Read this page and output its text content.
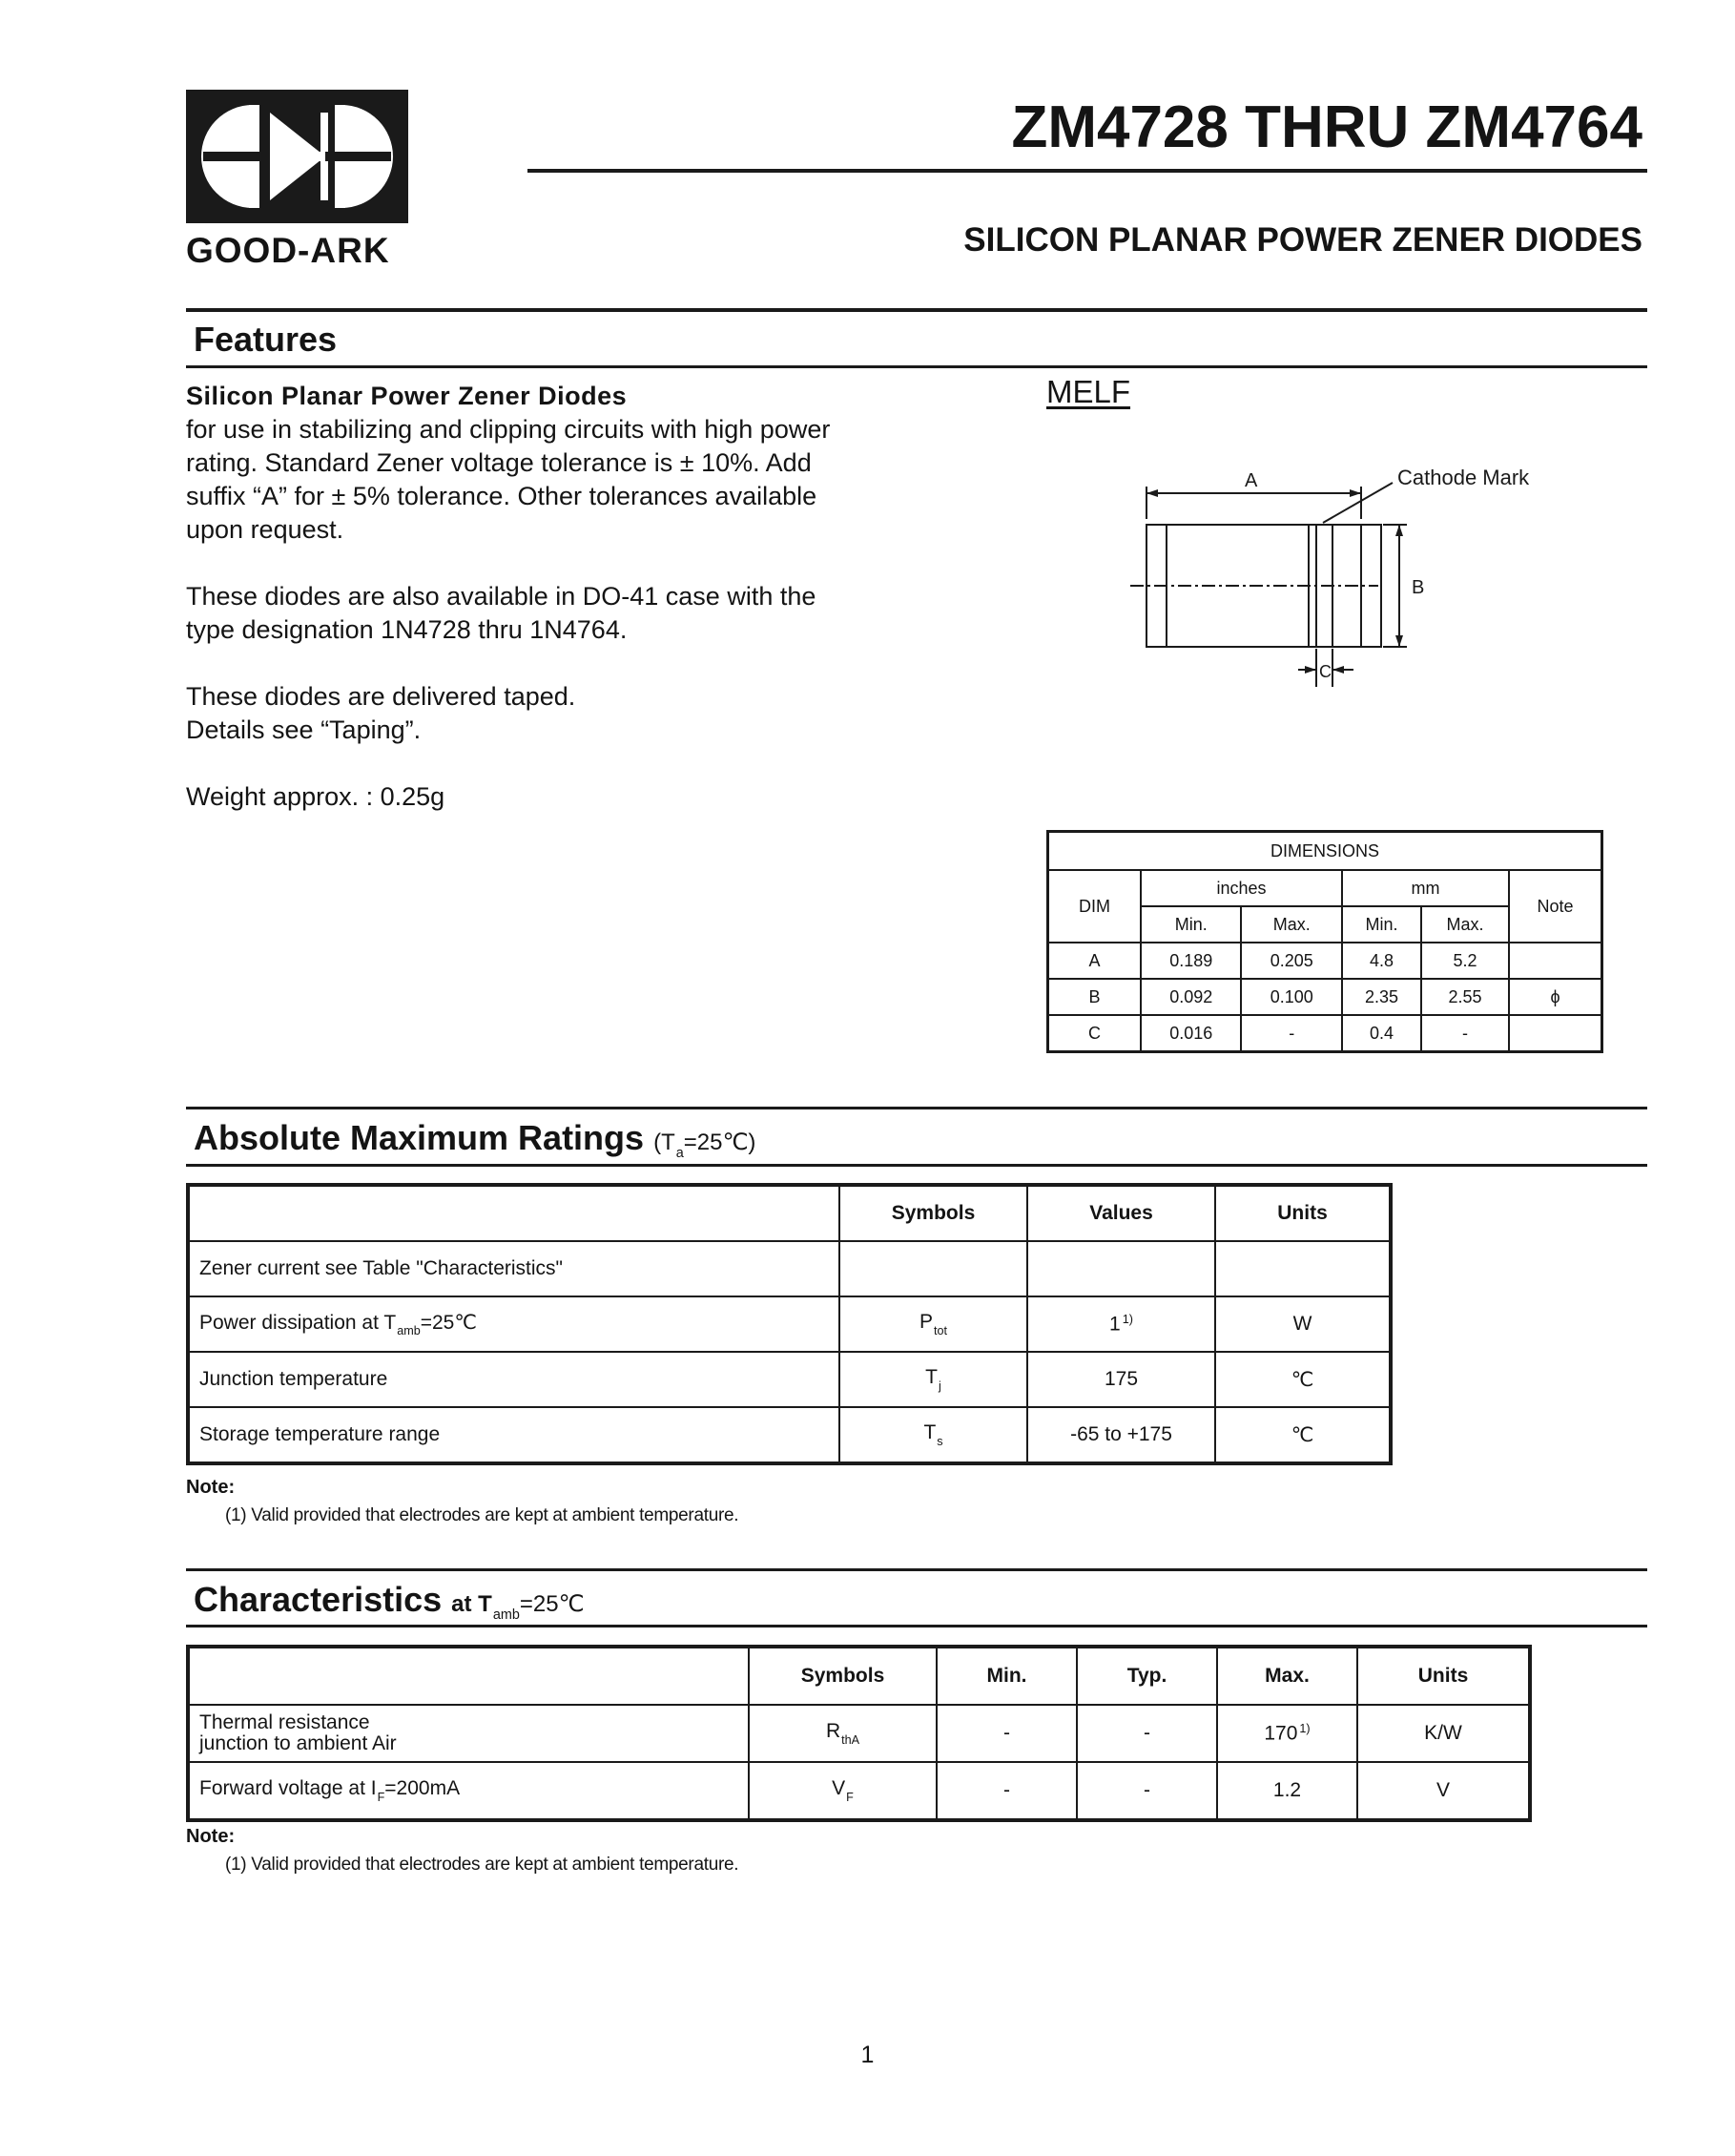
GOOD-ARK
ZM4728 THRU ZM4764
SILICON PLANAR POWER ZENER DIODES
Features
Silicon Planar Power Zener Diodes
for use in stabilizing and clipping circuits with high power
rating. Standard Zener voltage tolerance is ± 10%. Add
suffix “A” for ± 5% tolerance. Other tolerances available
upon request.
These diodes are also available in DO-41 case with the
type designation 1N4728 thru 1N4764.
These diodes are delivered taped.
Details see “Taping”.
Weight approx. : 0.25g
MELF
A	Cathode Mark
B
C
DIMENSIONS					
DIM	inches		mm		Note
	Min.	Max.	Min.	Max.	
A	0.189	0.205	4.8	5.2	
B	0.092	0.100	2.35	2.55	ϕ
C	0.016	-	0.4	-	
Absolute Maximum Ratings $(T_a=25℃)$
	Symbols	Values	Units
Zener current see Table "Characteristics"			
Power dissipation at $T_{amb}=25℃$	$P_{tot}$	1 $^{1)}$	W
Junction temperature	$T_j$	175	℃
Storage temperature range	$T_s$	-65 to +175	℃
Note:
(1) Valid provided that electrodes are kept at ambient temperature.
Characteristics at $T_{amb}=25℃$
	Symbols	Min.	Typ.	Max.	Units

Thermal resistance
junction to ambient Air	$R_{thA}$	-	-	170 $^{1)}$	K/W
Forward voltage at $I_F=200mA$	$V_F$	-	-	1.2	V
Note:
(1) Valid provided that electrodes are kept at ambient temperature.
1
